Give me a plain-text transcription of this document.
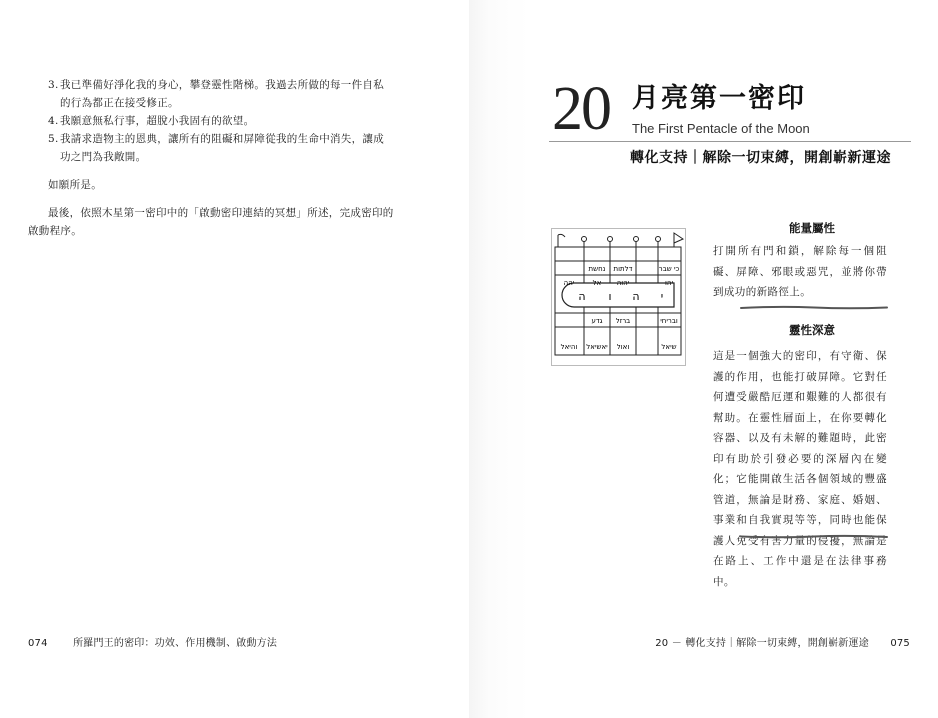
3. 我已準備好淨化我的身心，攀登靈性階梯。我過去所做的每一件自私
的行為都正在接受修正。
4. 我願意無私行事，超脫小我固有的欲望。
5. 我請求造物主的恩典，讓所有的阻礙和屏障從我的生命中消失，讓成
功之門為我敞開。

如願所是。

最後，依照木星第一密印中的「啟動密印連結的冥想」所述，完成密印的啟動程序。

074	所羅門王的密印：功效、作用機制、啟動方法
20 月亮第一密印
The First Pentacle of the Moon
轉化支持｜解除一切束縛，開創嶄新運途
נחשת דלתות	כי שבר
יהה	אל יהוה	יהו
ה ו ה י
גדע ברזל	ובריחי
והיאל יאשיאל ואול	שיאל
能量屬性

打開所有門和鎖，解除每一個阻礙、屏障、邪眼或惡咒，並將你帶到成功的新路徑上。

靈性深意

這是一個強大的密印，有守衛、保護的作用，也能打破屏障。它對任何遭受嚴酷厄運和艱難的人都很有幫助。在靈性層面上，在你要轉化容器、以及有未解的難題時，此密印有助於引發必要的深層內在變化；它能開啟生活各個領域的豐盛管道，無論是財務、家庭、婚姻、事業和自我實現等等，同時也能保護人免受有害力量的侵擾，無論是在路上、工作中還是在法律事務中。

20 － 轉化支持｜解除一切束縛，開創嶄新運途 075
